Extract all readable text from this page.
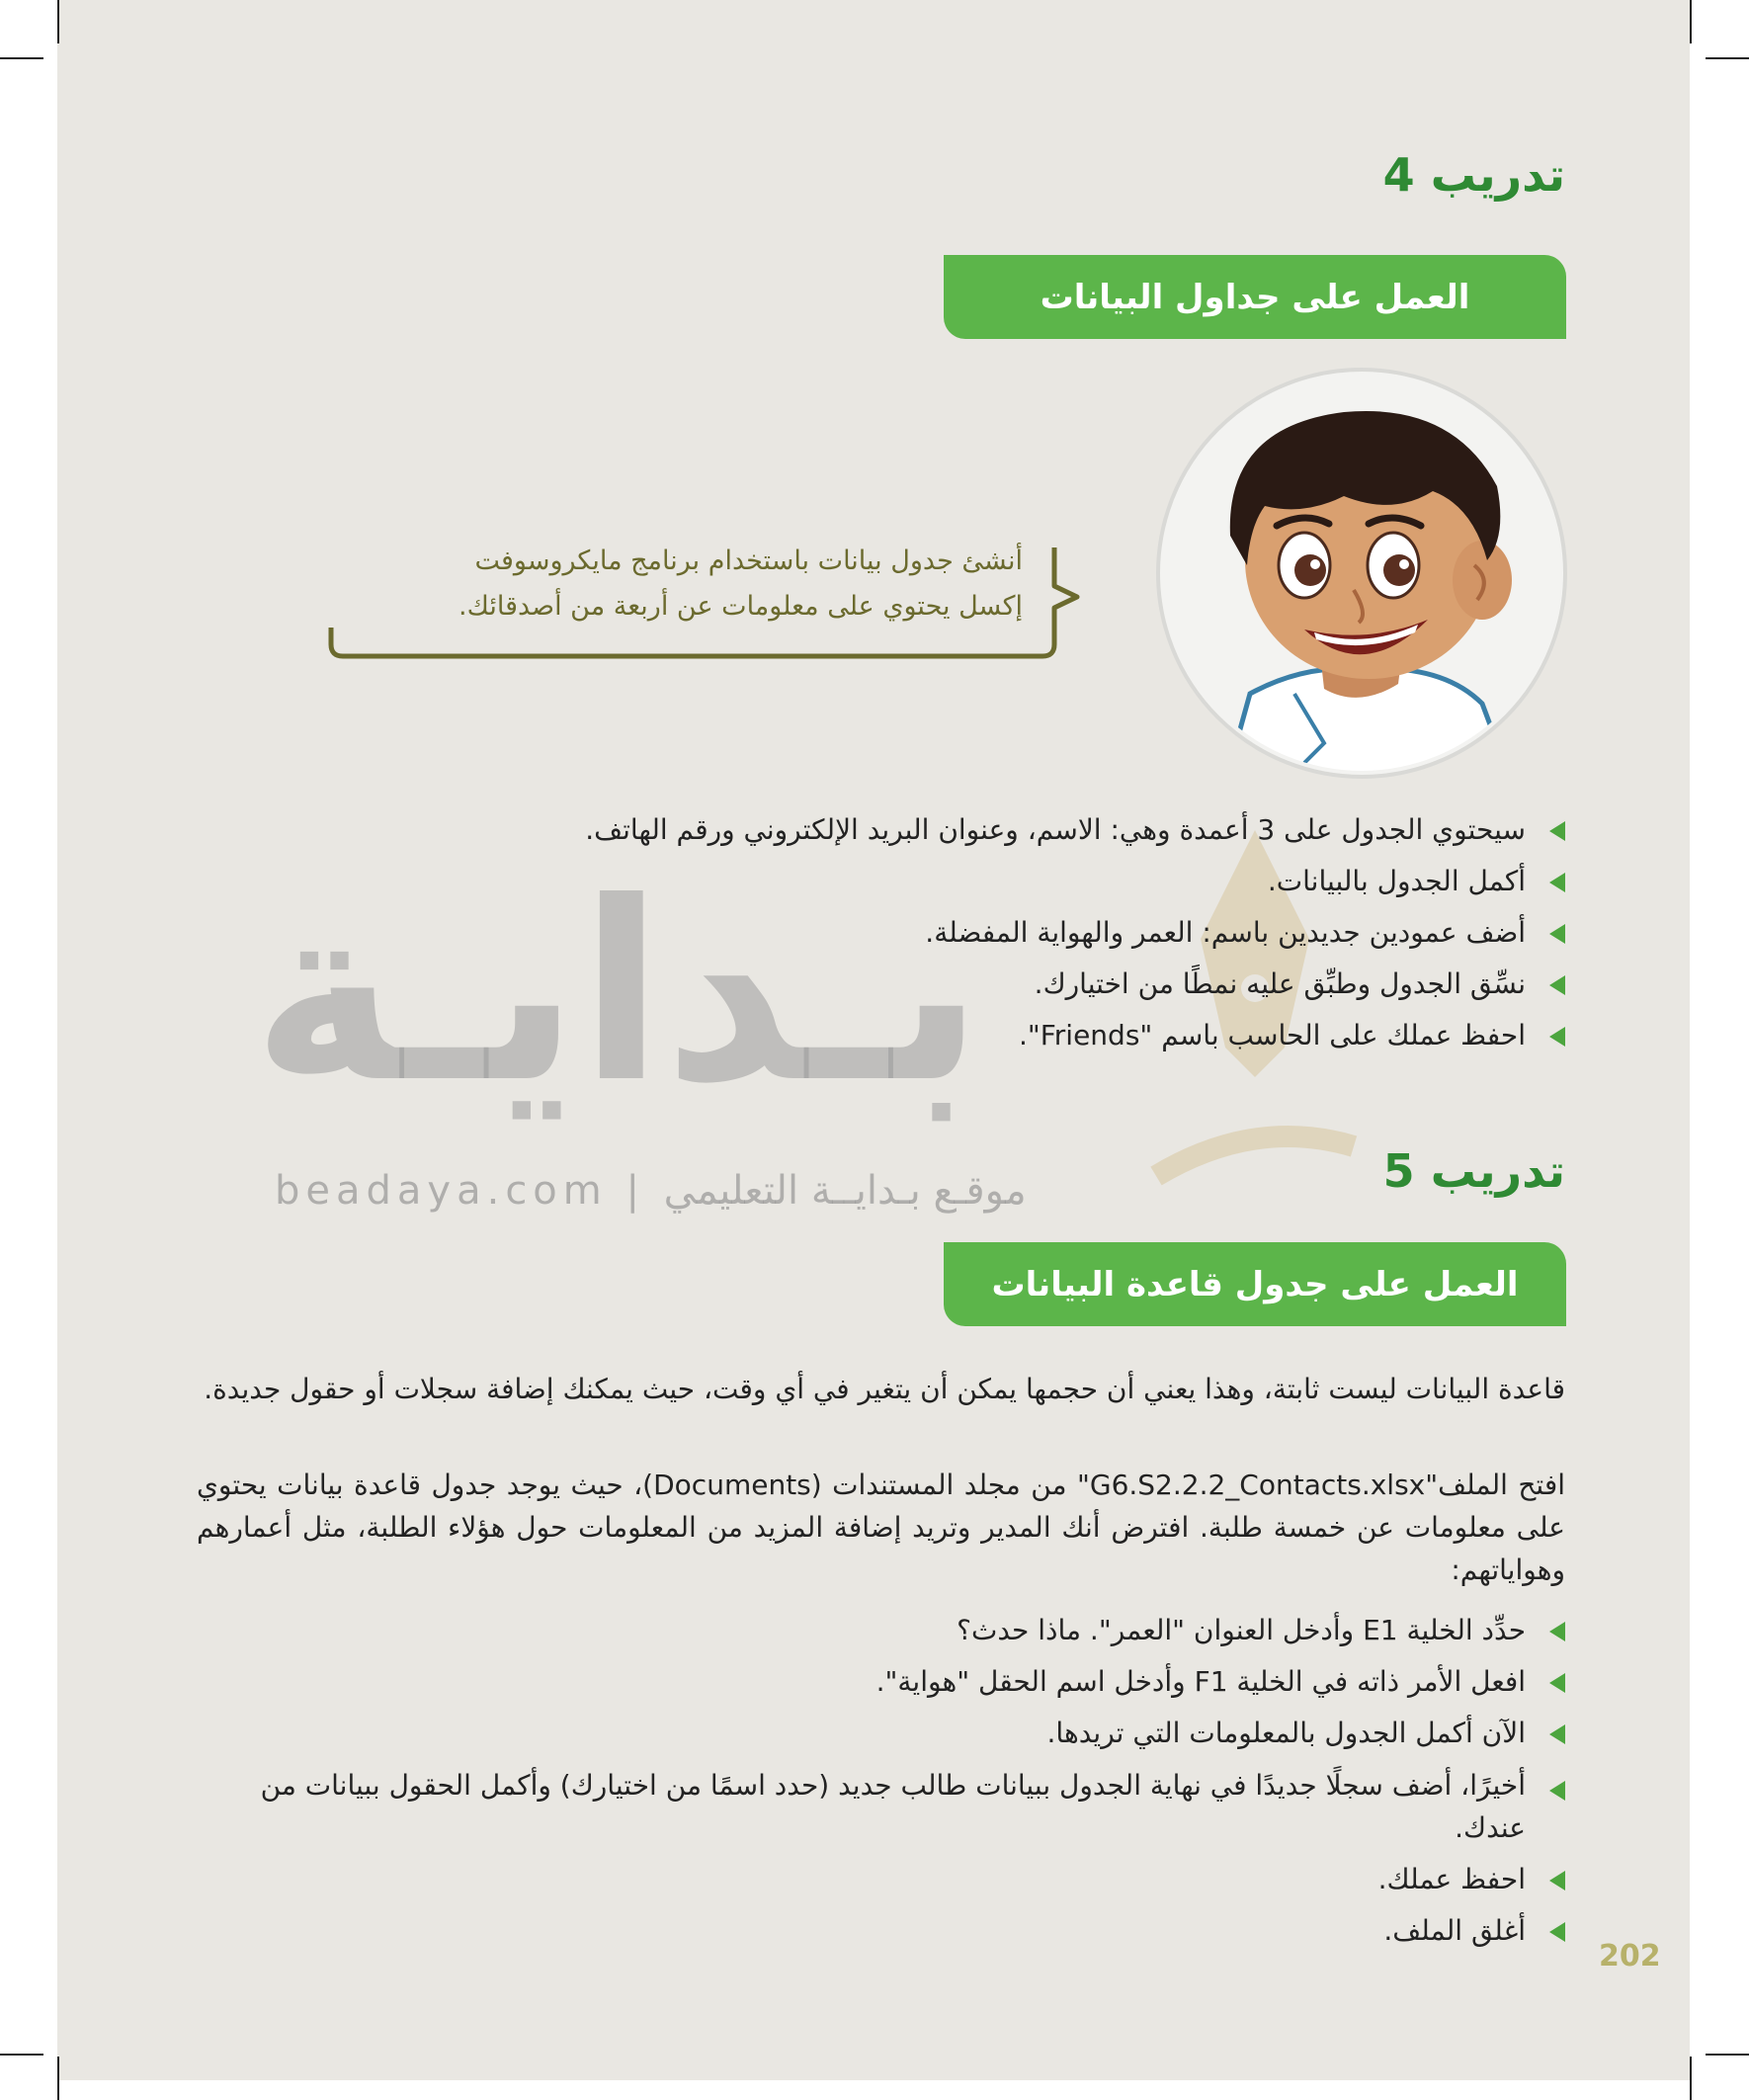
بـدايـة
beadaya.com | موقـع بـدايــة التعليمي
تدريب 4
العمل على جداول البيانات
أنشئ جدول بيانات باستخدام برنامج مايكروسوفت
إكسل يحتوي على معلومات عن أربعة من أصدقائك.
سيحتوي الجدول على 3 أعمدة وهي: الاسم، وعنوان البريد الإلكتروني ورقم الهاتف.
أكمل الجدول بالبيانات.
أضف عمودين جديدين باسم: العمر والهواية المفضلة.
نسِّق الجدول وطبِّق عليه نمطًا من اختيارك.
احفظ عملك على الحاسب باسم "Friends".
تدريب 5
العمل على جدول قاعدة البيانات
قاعدة البيانات ليست ثابتة، وهذا يعني أن حجمها يمكن أن يتغير في أي وقت، حيث يمكنك إضافة سجلات أو حقول جديدة.
افتح الملف"G6.S2.2.2_Contacts.xlsx" من مجلد المستندات (Documents)، حيث يوجد جدول قاعدة بيانات يحتوي على معلومات عن خمسة طلبة. افترض أنك المدير وتريد إضافة المزيد من المعلومات حول هؤلاء الطلبة، مثل أعمارهم وهواياتهم:
حدِّد الخلية E1 وأدخل العنوان "العمر". ماذا حدث؟
افعل الأمر ذاته في الخلية F1 وأدخل اسم الحقل "هواية".
الآن أكمل الجدول بالمعلومات التي تريدها.
أخيرًا، أضف سجلًا جديدًا في نهاية الجدول ببيانات طالب جديد (حدد اسمًا من اختيارك) وأكمل الحقول ببيانات من عندك.
احفظ عملك.
أغلق الملف.
202
